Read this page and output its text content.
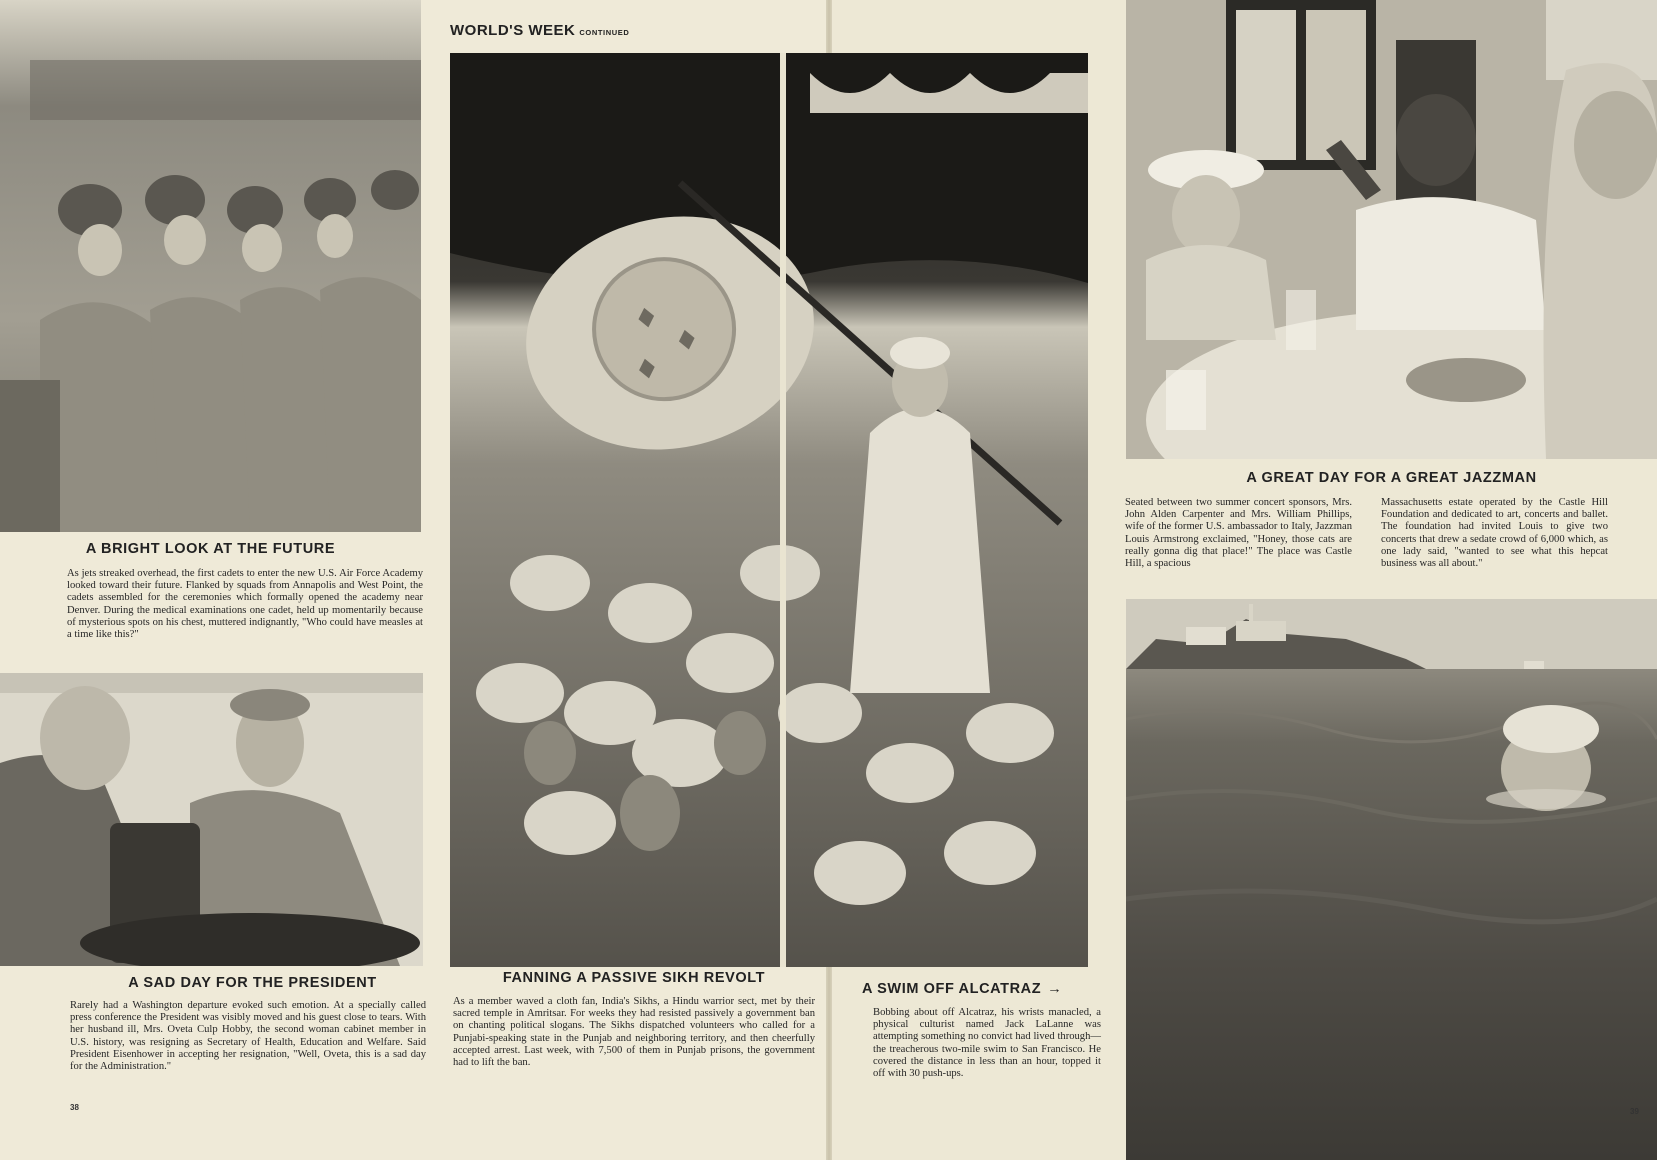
WORLD'S WEEK CONTINUED
A BRIGHT LOOK AT THE FUTURE

As jets streaked overhead, the first cadets to enter the new U.S. Air Force Academy looked toward their future. Flanked by squads from Annapolis and West Point, the cadets assembled for the ceremonies which formally opened the academy near Denver. During the medical examinations one cadet, held up momentarily because of mysterious spots on his chest, muttered indignantly, "Who could have measles at a time like this?"

A SAD DAY FOR THE PRESIDENT

Rarely had a Washington departure evoked such emotion. At a specially called press conference the President was visibly moved and his guest close to tears. With her husband ill, Mrs. Oveta Culp Hobby, the second woman cabinet member in U.S. history, was resigning as Secretary of Health, Education and Welfare. Said President Eisenhower in accepting her resignation, "Well, Oveta, this is a sad day for the Administration."

FANNING A PASSIVE SIKH REVOLT

As a member waved a cloth fan, India's Sikhs, a Hindu warrior sect, met by their sacred temple in Amritsar. For weeks they had resisted passively a government ban on chanting political slogans. The Sikhs dispatched volunteers who called for a Punjabi-speaking state in the Punjab and neighboring territory, and then cheerfully accepted arrest. Last week, with 7,500 of them in Punjab prisons, the government had to lift the ban.

A SWIM OFF ALCATRAZ →

Bobbing about off Alcatraz, his wrists manacled, a physical culturist named Jack LaLanne was attempting something no convict had lived through—the treacherous two-mile swim to San Francisco. He covered the distance in less than an hour, topped it off with 30 push-ups.

A GREAT DAY FOR A GREAT JAZZMAN

Seated between two summer concert sponsors, Mrs. John Alden Carpenter and Mrs. William Phillips, wife of the former U.S. ambassador to Italy, Jazzman Louis Armstrong exclaimed, "Honey, those cats are really gonna dig that place!" The place was Castle Hill, a spacious

Massachusetts estate operated by the Castle Hill Foundation and dedicated to art, concerts and ballet. The foundation had invited Louis to give two concerts that drew a sedate crowd of 6,000 which, as one lady said, "wanted to see what this hepcat business was all about."

38	39
